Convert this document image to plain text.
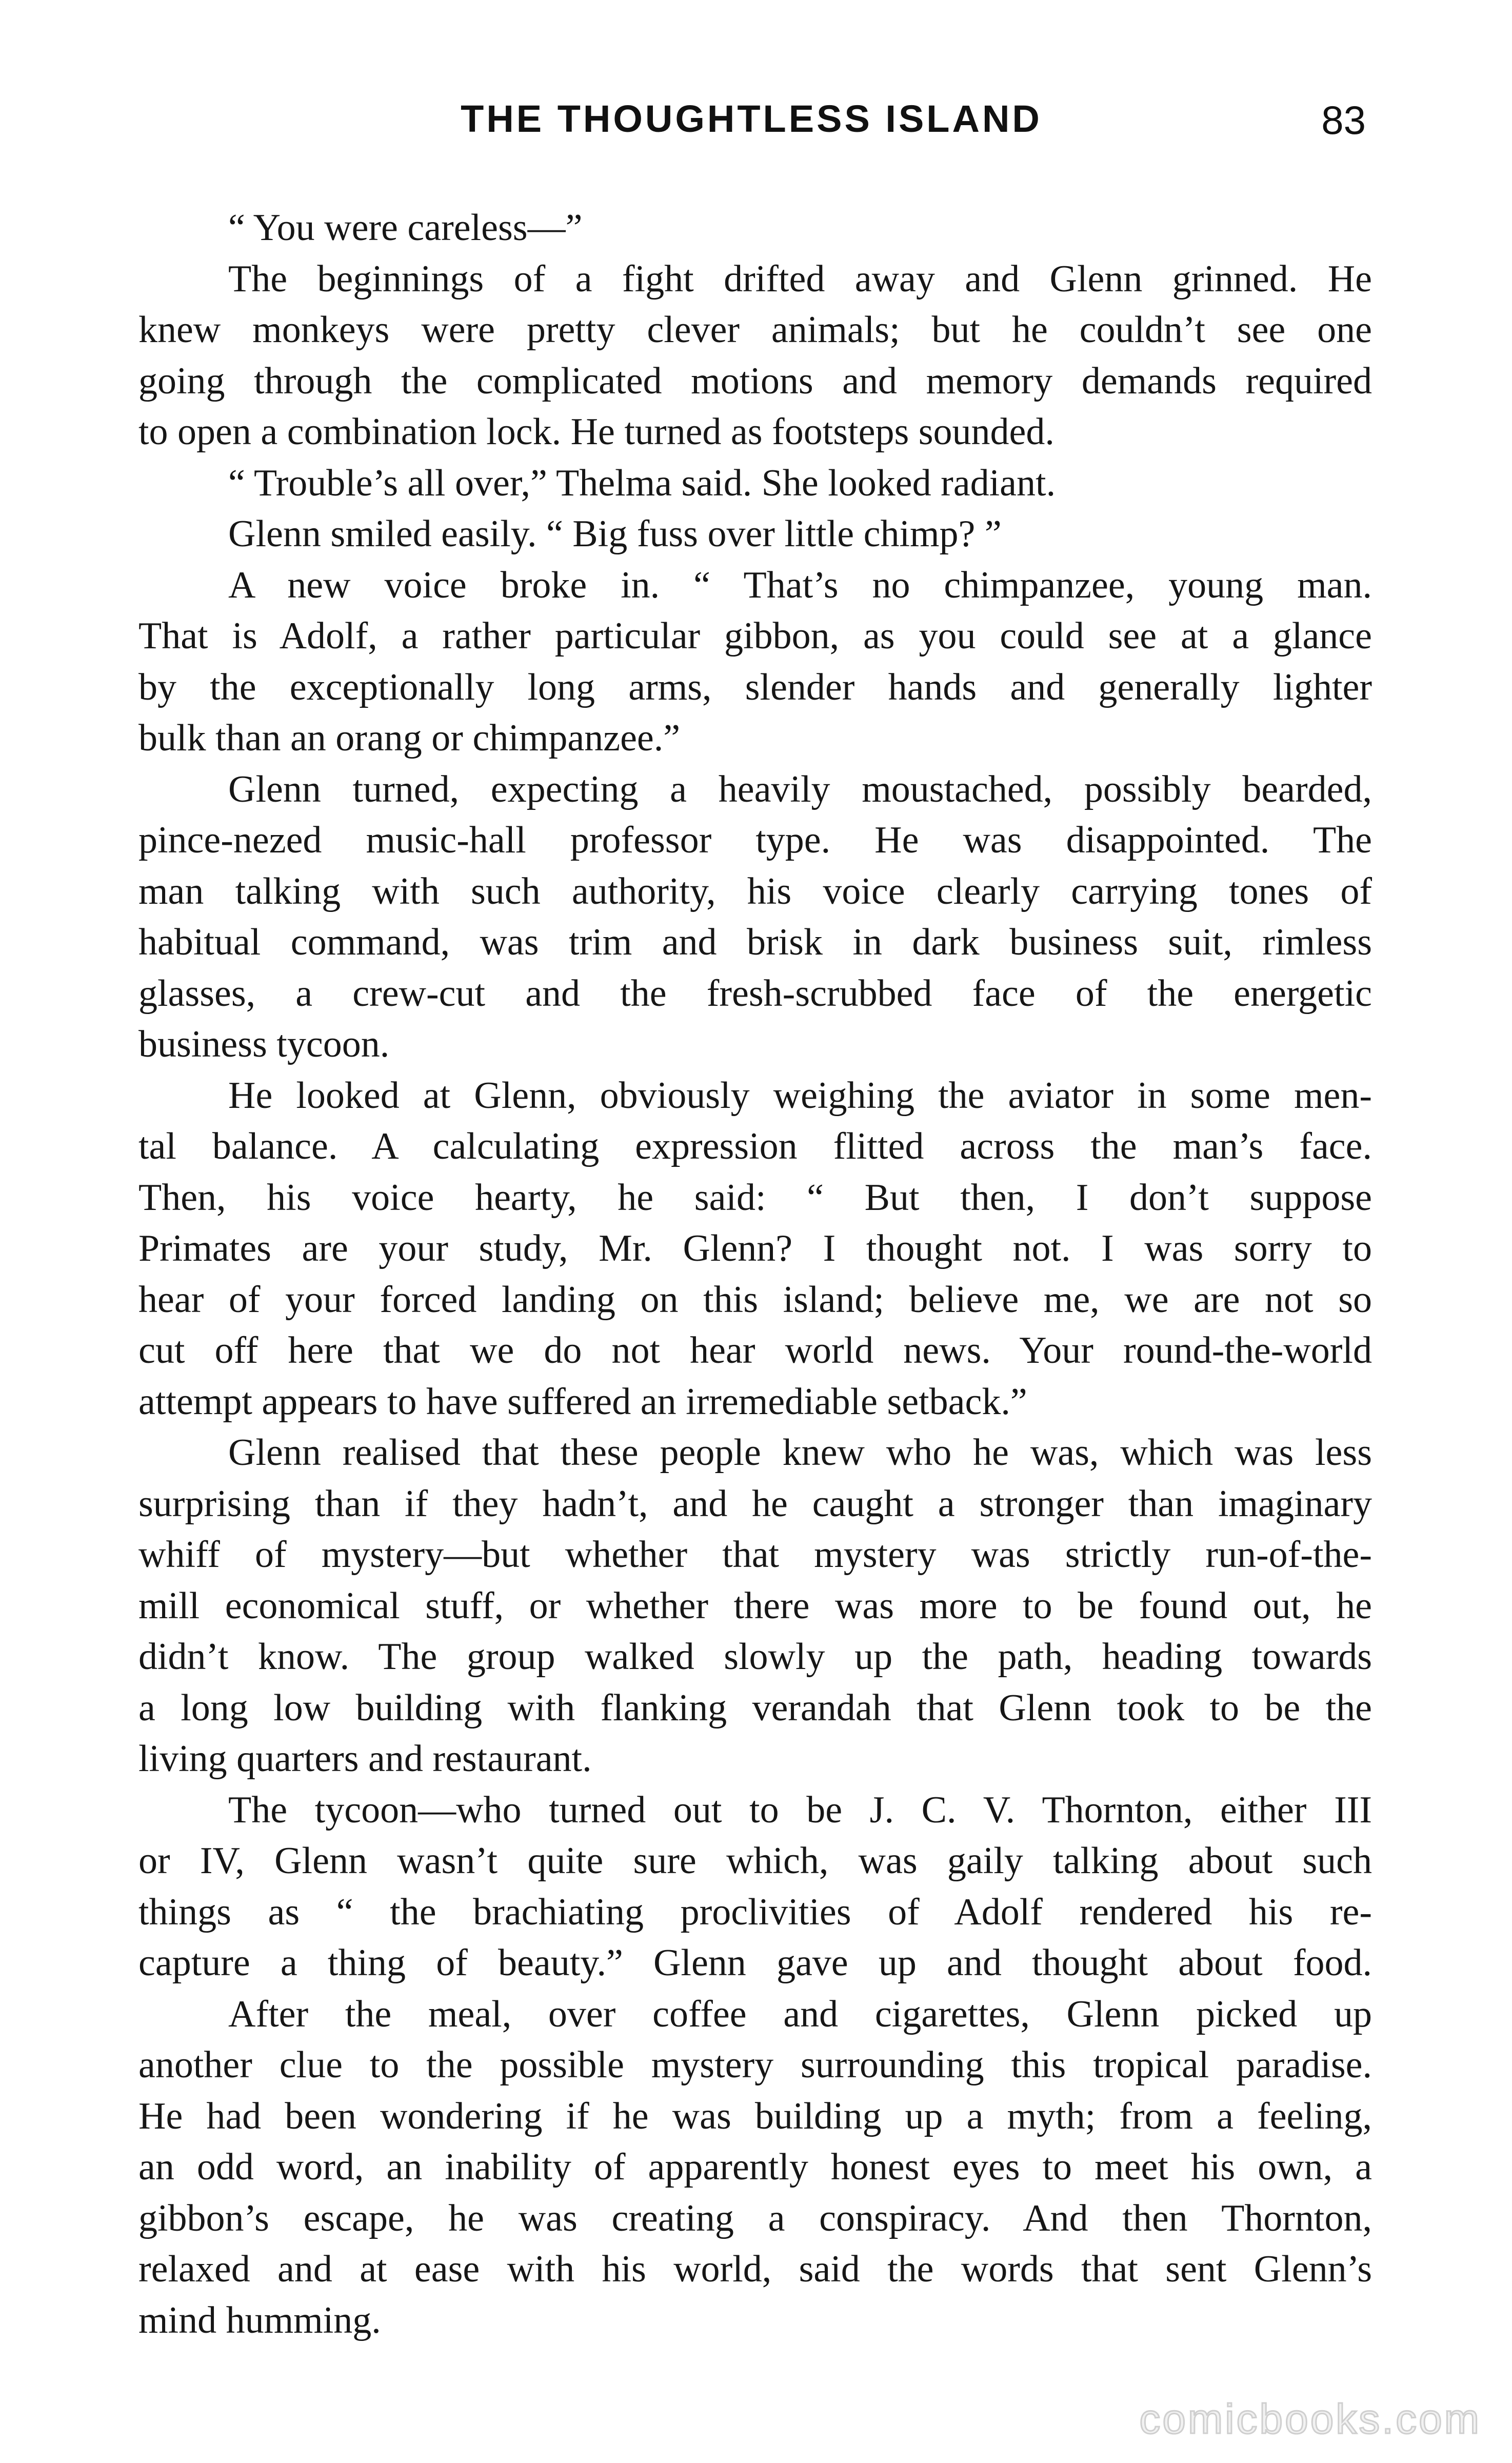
THE THOUGHTLESS ISLAND	83
“ You were careless—”
The beginnings of a fight drifted away and Glenn grinned. He
knew monkeys were pretty clever animals; but he couldn’t see one
going through the complicated motions and memory demands required
to open a combination lock. He turned as footsteps sounded.
“ Trouble’s all over,” Thelma said. She looked radiant.
Glenn smiled easily. “ Big fuss over little chimp? ”
A new voice broke in. “ That’s no chimpanzee, young man.
That is Adolf, a rather particular gibbon, as you could see at a glance
by the exceptionally long arms, slender hands and generally lighter
bulk than an orang or chimpanzee.”
Glenn turned, expecting a heavily moustached, possibly bearded,
pince-nezed music-hall professor type. He was disappointed. The
man talking with such authority, his voice clearly carrying tones of
habitual command, was trim and brisk in dark business suit, rimless
glasses, a crew-cut and the fresh-scrubbed face of the energetic
business tycoon.
He looked at Glenn, obviously weighing the aviator in some men-
tal balance. A calculating expression flitted across the man’s face.
Then, his voice hearty, he said: “ But then, I don’t suppose
Primates are your study, Mr. Glenn? I thought not. I was sorry to
hear of your forced landing on this island; believe me, we are not so
cut off here that we do not hear world news. Your round-the-world
attempt appears to have suffered an irremediable setback.”
Glenn realised that these people knew who he was, which was less
surprising than if they hadn’t, and he caught a stronger than imaginary
whiff of mystery—but whether that mystery was strictly run-of-the-
mill economical stuff, or whether there was more to be found out, he
didn’t know. The group walked slowly up the path, heading towards
a long low building with flanking verandah that Glenn took to be the
living quarters and restaurant.
The tycoon—who turned out to be J. C. V. Thornton, either III
or IV, Glenn wasn’t quite sure which, was gaily talking about such
things as “ the brachiating proclivities of Adolf rendered his re-
capture a thing of beauty.” Glenn gave up and thought about food.
After the meal, over coffee and cigarettes, Glenn picked up
another clue to the possible mystery surrounding this tropical paradise.
He had been wondering if he was building up a myth; from a feeling,
an odd word, an inability of apparently honest eyes to meet his own, a
gibbon’s escape, he was creating a conspiracy. And then Thornton,
relaxed and at ease with his world, said the words that sent Glenn’s
mind humming.
comicbooks.com
